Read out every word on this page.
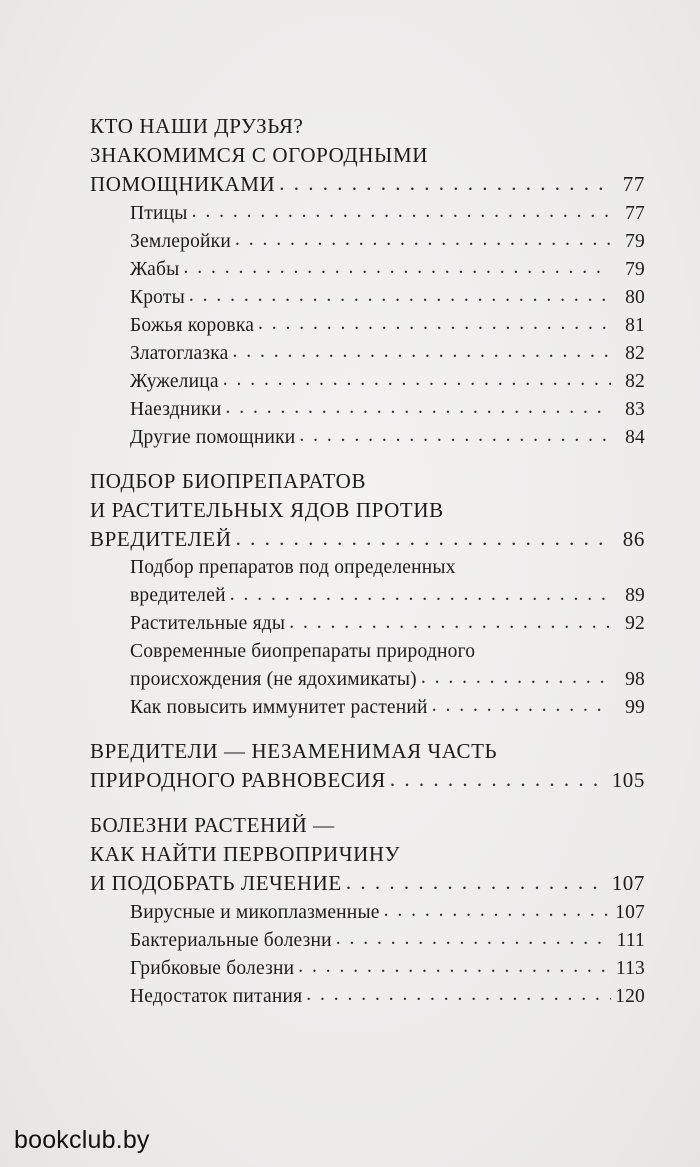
КТО НАШИ ДРУЗЬЯ?
ЗНАКОМИМСЯ С ОГОРОДНЫМИ
ПОМОЩНИКАМИ . . .	77
Птицы . . .	77
Землеройки . . .	79
Жабы . . .	79
Кроты . . .	80
Божья коровка . . .	81
Златоглазка . . .	82
Жужелица . . .	82
Наездники . . .	83
Другие помощники . . .	84
ПОДБОР БИОПРЕПАРАТОВ
И РАСТИТЕЛЬНЫХ ЯДОВ ПРОТИВ
ВРЕДИТЕЛЕЙ . . .	86
Подбор препаратов под определенных
вредителей . . .	89
Растительные яды . . .	92
Современные биопрепараты природного
происхождения (не ядохимикаты) . . .	98
Как повысить иммунитет растений . . .	99
ВРЕДИТЕЛИ — НЕЗАМЕНИМАЯ ЧАСТЬ
ПРИРОДНОГО РАВНОВЕСИЯ . . .	105
БОЛЕЗНИ РАСТЕНИЙ —
КАК НАЙТИ ПЕРВОПРИЧИНУ
И ПОДОБРАТЬ ЛЕЧЕНИЕ . . .	107
Вирусные и микоплазменные . . .	107
Бактериальные болезни . . .	111
Грибковые болезни . . .	113
Недостаток питания . . .	120
bookclub.by
